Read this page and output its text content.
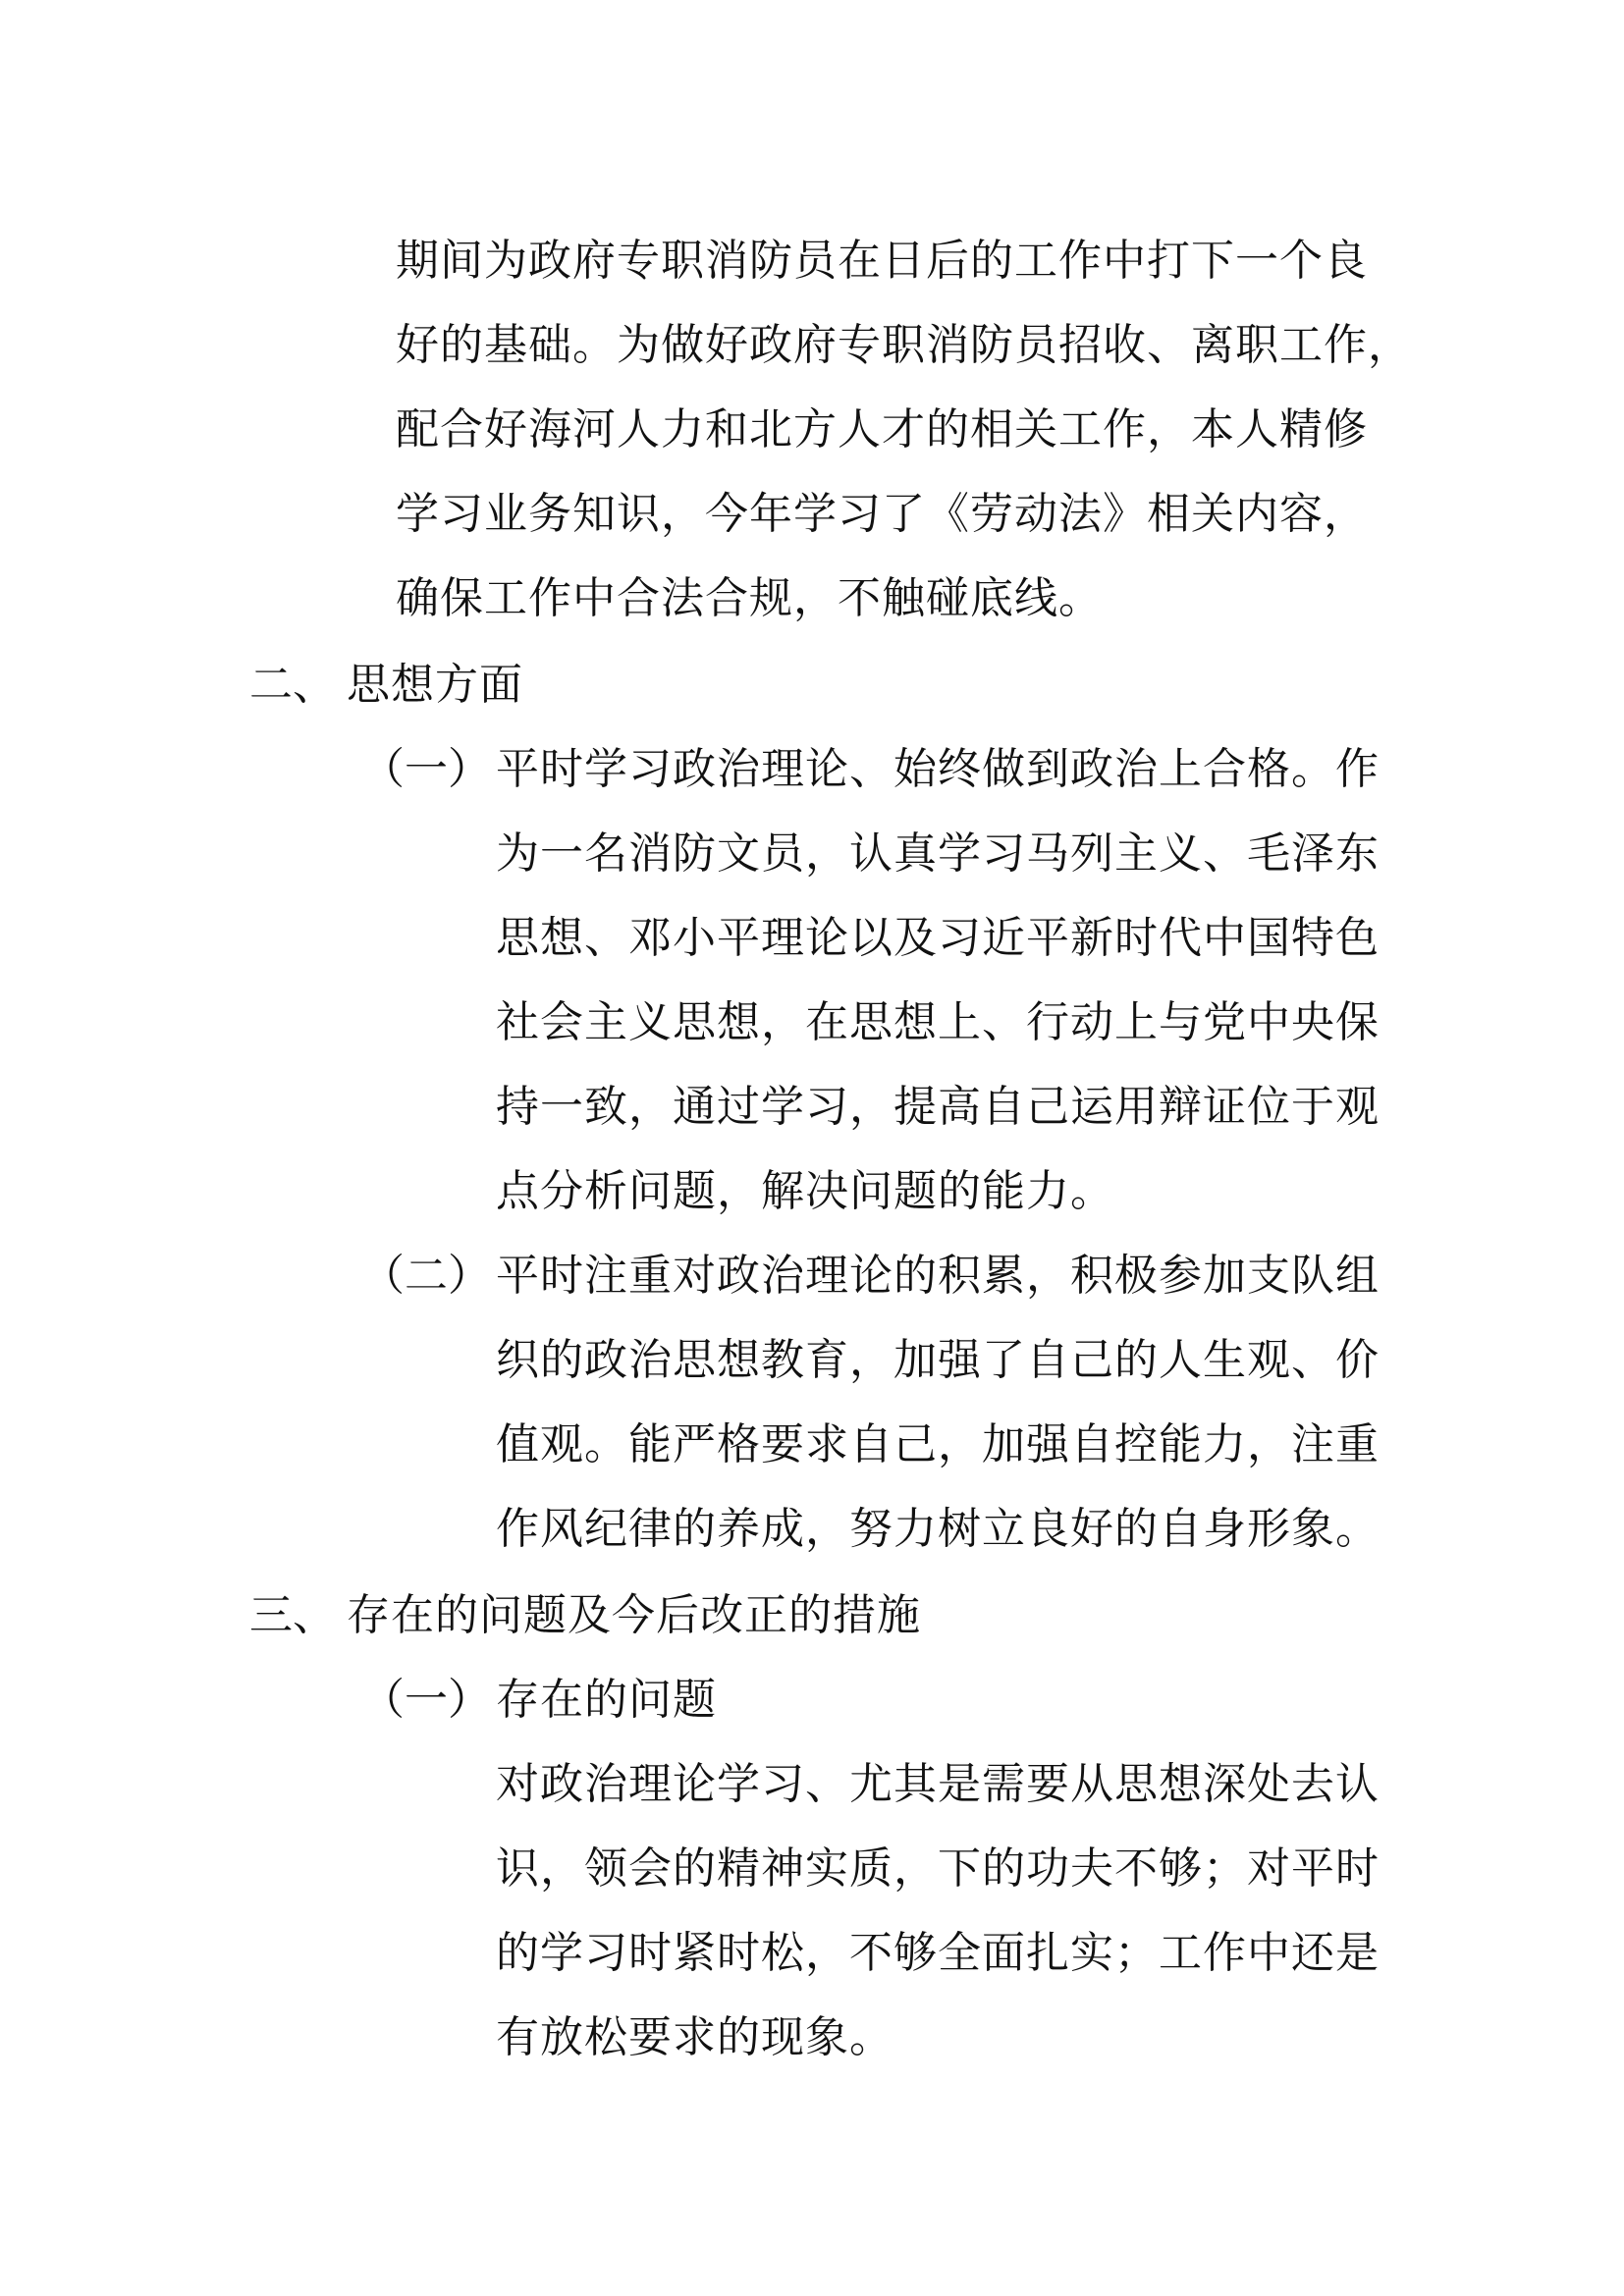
期间为政府专职消防员在日后的工作中打下一个良
好的基础。为做好政府专职消防员招收、离职工作，
配合好海河人力和北方人才的相关工作，本人精修
学习业务知识，今年学习了《劳动法》相关内容，
确保工作中合法合规，不触碰底线。
二、 思想方面
（一） 平时学习政治理论、始终做到政治上合格。作
为一名消防文员，认真学习马列主义、毛泽东
思想、邓小平理论以及习近平新时代中国特色
社会主义思想，在思想上、行动上与党中央保
持一致，通过学习，提高自己运用辩证位于观
点分析问题，解决问题的能力。
（二） 平时注重对政治理论的积累，积极参加支队组
织的政治思想教育，加强了自己的人生观、价
值观。能严格要求自己，加强自控能力，注重
作风纪律的养成，努力树立良好的自身形象。
三、 存在的问题及今后改正的措施
（一） 存在的问题
对政治理论学习、尤其是需要从思想深处去认
识，领会的精神实质，下的功夫不够；对平时
的学习时紧时松，不够全面扎实；工作中还是
有放松要求的现象。
